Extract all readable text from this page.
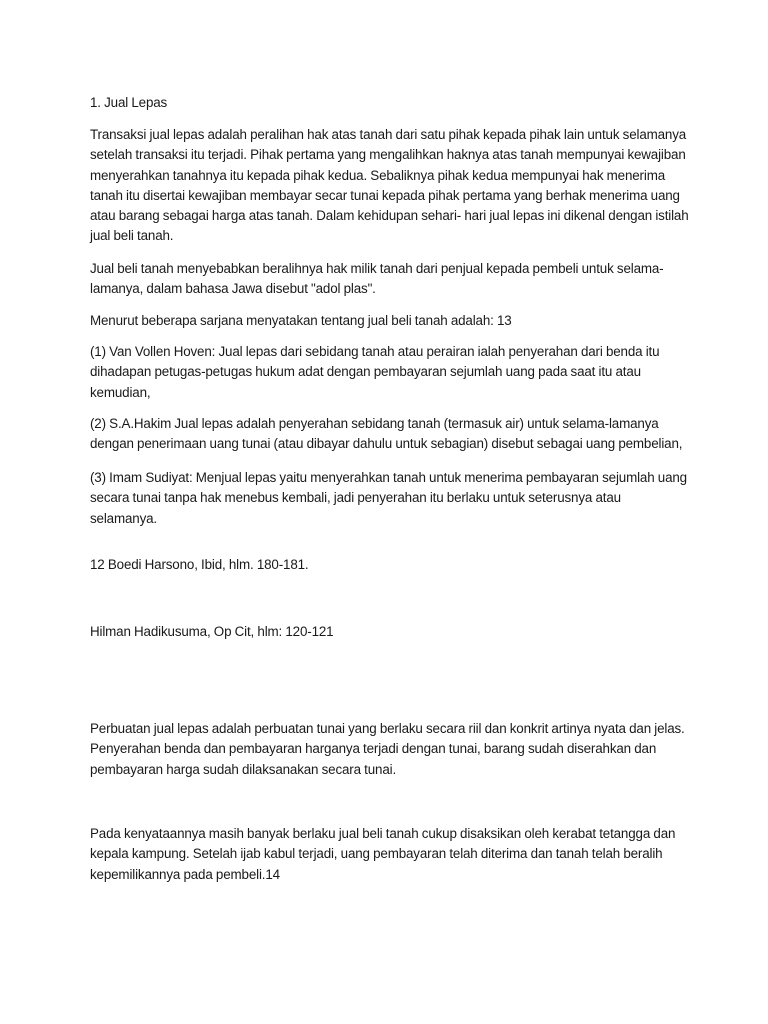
1. Jual Lepas

Transaksi jual lepas adalah peralihan hak atas tanah dari satu pihak kepada pihak lain untuk selamanya setelah transaksi itu terjadi. Pihak pertama yang mengalihkan haknya atas tanah mempunyai kewajiban menyerahkan tanahnya itu kepada pihak kedua. Sebaliknya pihak kedua mempunyai hak menerima tanah itu disertai kewajiban membayar secar tunai kepada pihak pertama yang berhak menerima uang atau barang sebagai harga atas tanah. Dalam kehidupan sehari- hari jual lepas ini dikenal dengan istilah jual beli tanah.

Jual beli tanah menyebabkan beralihnya hak milik tanah dari penjual kepada pembeli untuk selama-lamanya, dalam bahasa Jawa disebut "adol plas".

Menurut beberapa sarjana menyatakan tentang jual beli tanah adalah: 13

(1) Van Vollen Hoven: Jual lepas dari sebidang tanah atau perairan ialah penyerahan dari benda itu dihadapan petugas-petugas hukum adat dengan pembayaran sejumlah uang pada saat itu atau kemudian,

(2) S.A.Hakim Jual lepas adalah penyerahan sebidang tanah (termasuk air) untuk selama-lamanya dengan penerimaan uang tunai (atau dibayar dahulu untuk sebagian) disebut sebagai uang pembelian,

(3) Imam Sudiyat: Menjual lepas yaitu menyerahkan tanah untuk menerima pembayaran sejumlah uang secara tunai tanpa hak menebus kembali, jadi penyerahan itu berlaku untuk seterusnya atau selamanya.

12 Boedi Harsono, Ibid, hlm. 180-181.

Hilman Hadikusuma, Op Cit, hlm: 120-121

Perbuatan jual lepas adalah perbuatan tunai yang berlaku secara riil dan konkrit artinya nyata dan jelas. Penyerahan benda dan pembayaran harganya terjadi dengan tunai, barang sudah diserahkan dan pembayaran harga sudah dilaksanakan secara tunai.

Pada kenyataannya masih banyak berlaku jual beli tanah cukup disaksikan oleh kerabat tetangga dan kepala kampung. Setelah ijab kabul terjadi, uang pembayaran telah diterima dan tanah telah beralih kepemilikannya pada pembeli.14
